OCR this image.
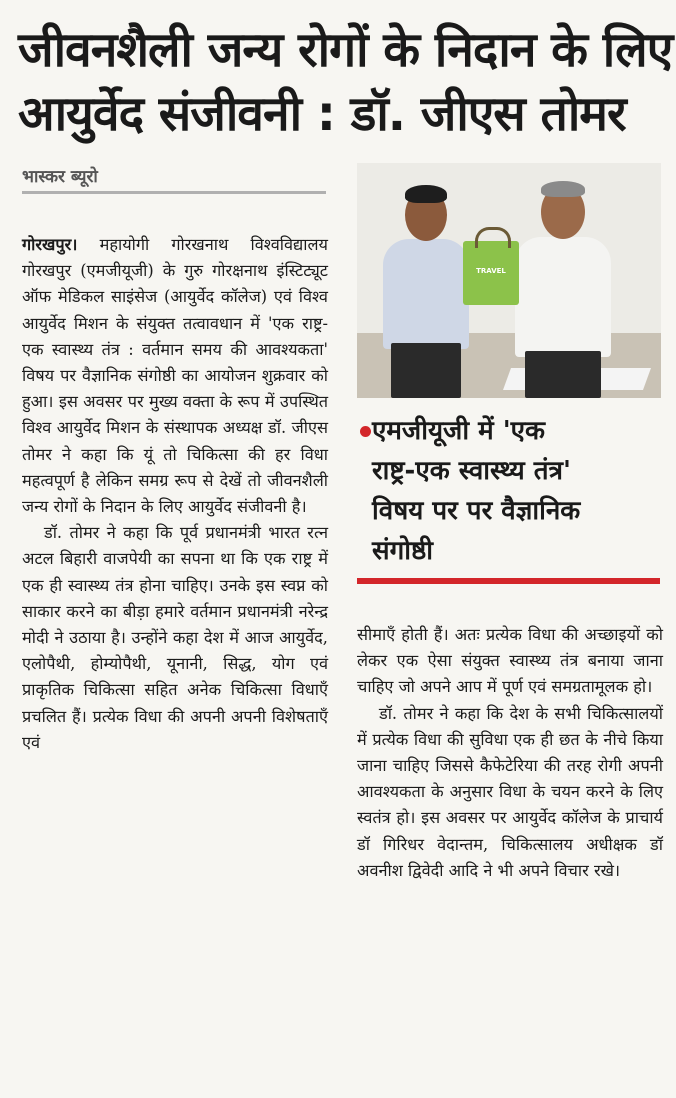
जीवनशैली जन्य रोगों के निदान के लिए
आयुर्वेद संजीवनी : डॉ. जीएस तोमर
भास्कर ब्यूरो

गोरखपुर। महायोगी गोरखनाथ विश्वविद्यालय गोरखपुर (एमजीयूजी) के गुरु गोरक्षनाथ इंस्टिट्यूट ऑफ मेडिकल साइंसेज (आयुर्वेद कॉलेज) एवं विश्व आयुर्वेद मिशन के संयुक्त तत्वावधान में 'एक राष्ट्र-एक स्वास्थ्य तंत्र : वर्तमान समय की आवश्यकता' विषय पर वैज्ञानिक संगोष्ठी का आयोजन शुक्रवार को हुआ। इस अवसर पर मुख्य वक्ता के रूप में उपस्थित विश्व आयुर्वेद मिशन के संस्थापक अध्यक्ष डॉ. जीएस तोमर ने कहा कि यूं तो चिकित्सा की हर विधा महत्वपूर्ण है लेकिन समग्र रूप से देखें तो जीवनशैली जन्य रोगों के निदान के लिए आयुर्वेद संजीवनी है।

डॉ. तोमर ने कहा कि पूर्व प्रधानमंत्री भारत रत्न अटल बिहारी वाजपेयी का सपना था कि एक राष्ट्र में एक ही स्वास्थ्य तंत्र होना चाहिए। उनके इस स्वप्न को साकार करने का बीड़ा हमारे वर्तमान प्रधानमंत्री नरेन्द्र मोदी ने उठाया है। उन्होंने कहा देश में आज आयुर्वेद, एलोपैथी, होम्योपैथी, यूनानी, सिद्ध, योग एवं प्राकृतिक चिकित्सा सहित अनेक चिकित्सा विधाएँ प्रचलित हैं। प्रत्येक विधा की अपनी अपनी विशेषताएँ एवं

TRAVEL
एमजीयूजी में 'एक
राष्ट्र-एक स्वास्थ्य तंत्र'
विषय पर पर वैज्ञानिक
संगोष्ठी

सीमाएँ होती हैं। अतः प्रत्येक विधा की अच्छाइयों को लेकर एक ऐसा संयुक्त स्वास्थ्य तंत्र बनाया जाना चाहिए जो अपने आप में पूर्ण एवं समग्रतामूलक हो।

डॉ. तोमर ने कहा कि देश के सभी चिकित्सालयों में प्रत्येक विधा की सुविधा एक ही छत के नीचे किया जाना चाहिए जिससे कैफेटेरिया की तरह रोगी अपनी आवश्यकता के अनुसार विधा के चयन करने के लिए स्वतंत्र हो। इस अवसर पर आयुर्वेद कॉलेज के प्राचार्य डॉ गिरिधर वेदान्तम, चिकित्सालय अधीक्षक डॉ अवनीश द्विवेदी आदि ने भी अपने विचार रखे।
